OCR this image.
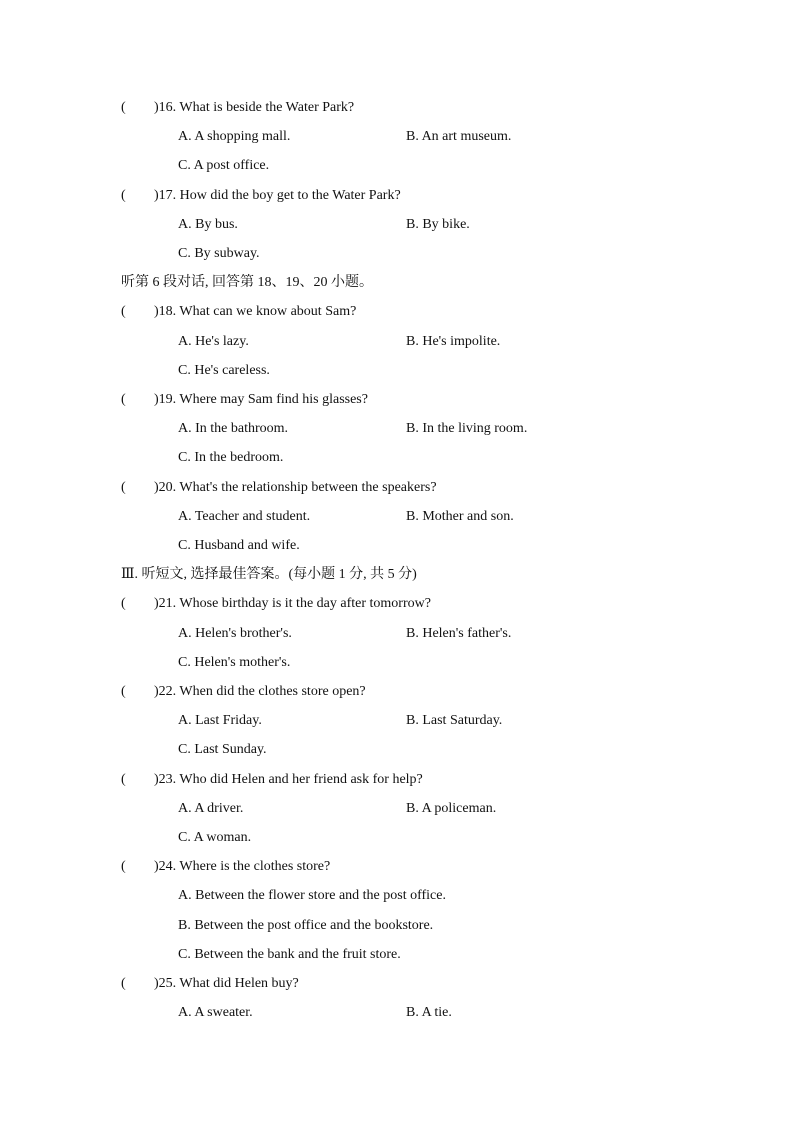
( )16. What is beside the Water Park?
A. A shopping mall.	B. An art museum.
C. A post office.
( )17. How did the boy get to the Water Park?
A. By bus.	B. By bike.
C. By subway.
听第 6 段对话, 回答第 18、19、20 小题。
( )18. What can we know about Sam?
A. He's lazy.	B. He's impolite.
C. He's careless.
( )19. Where may Sam find his glasses?
A. In the bathroom.	B. In the living room.
C. In the bedroom.
( )20. What's the relationship between the speakers?
A. Teacher and student.	B. Mother and son.
C. Husband and wife.
Ⅲ. 听短文, 选择最佳答案。(每小题 1 分, 共 5 分)
( )21. Whose birthday is it the day after tomorrow?
A. Helen's brother's.	B. Helen's father's.
C. Helen's mother's.
( )22. When did the clothes store open?
A. Last Friday.	B. Last Saturday.
C. Last Sunday.
( )23. Who did Helen and her friend ask for help?
A. A driver.	B. A policeman.
C. A woman.
( )24. Where is the clothes store?
A. Between the flower store and the post office.
B. Between the post office and the bookstore.
C. Between the bank and the fruit store.
( )25. What did Helen buy?
A. A sweater.	B. A tie.
